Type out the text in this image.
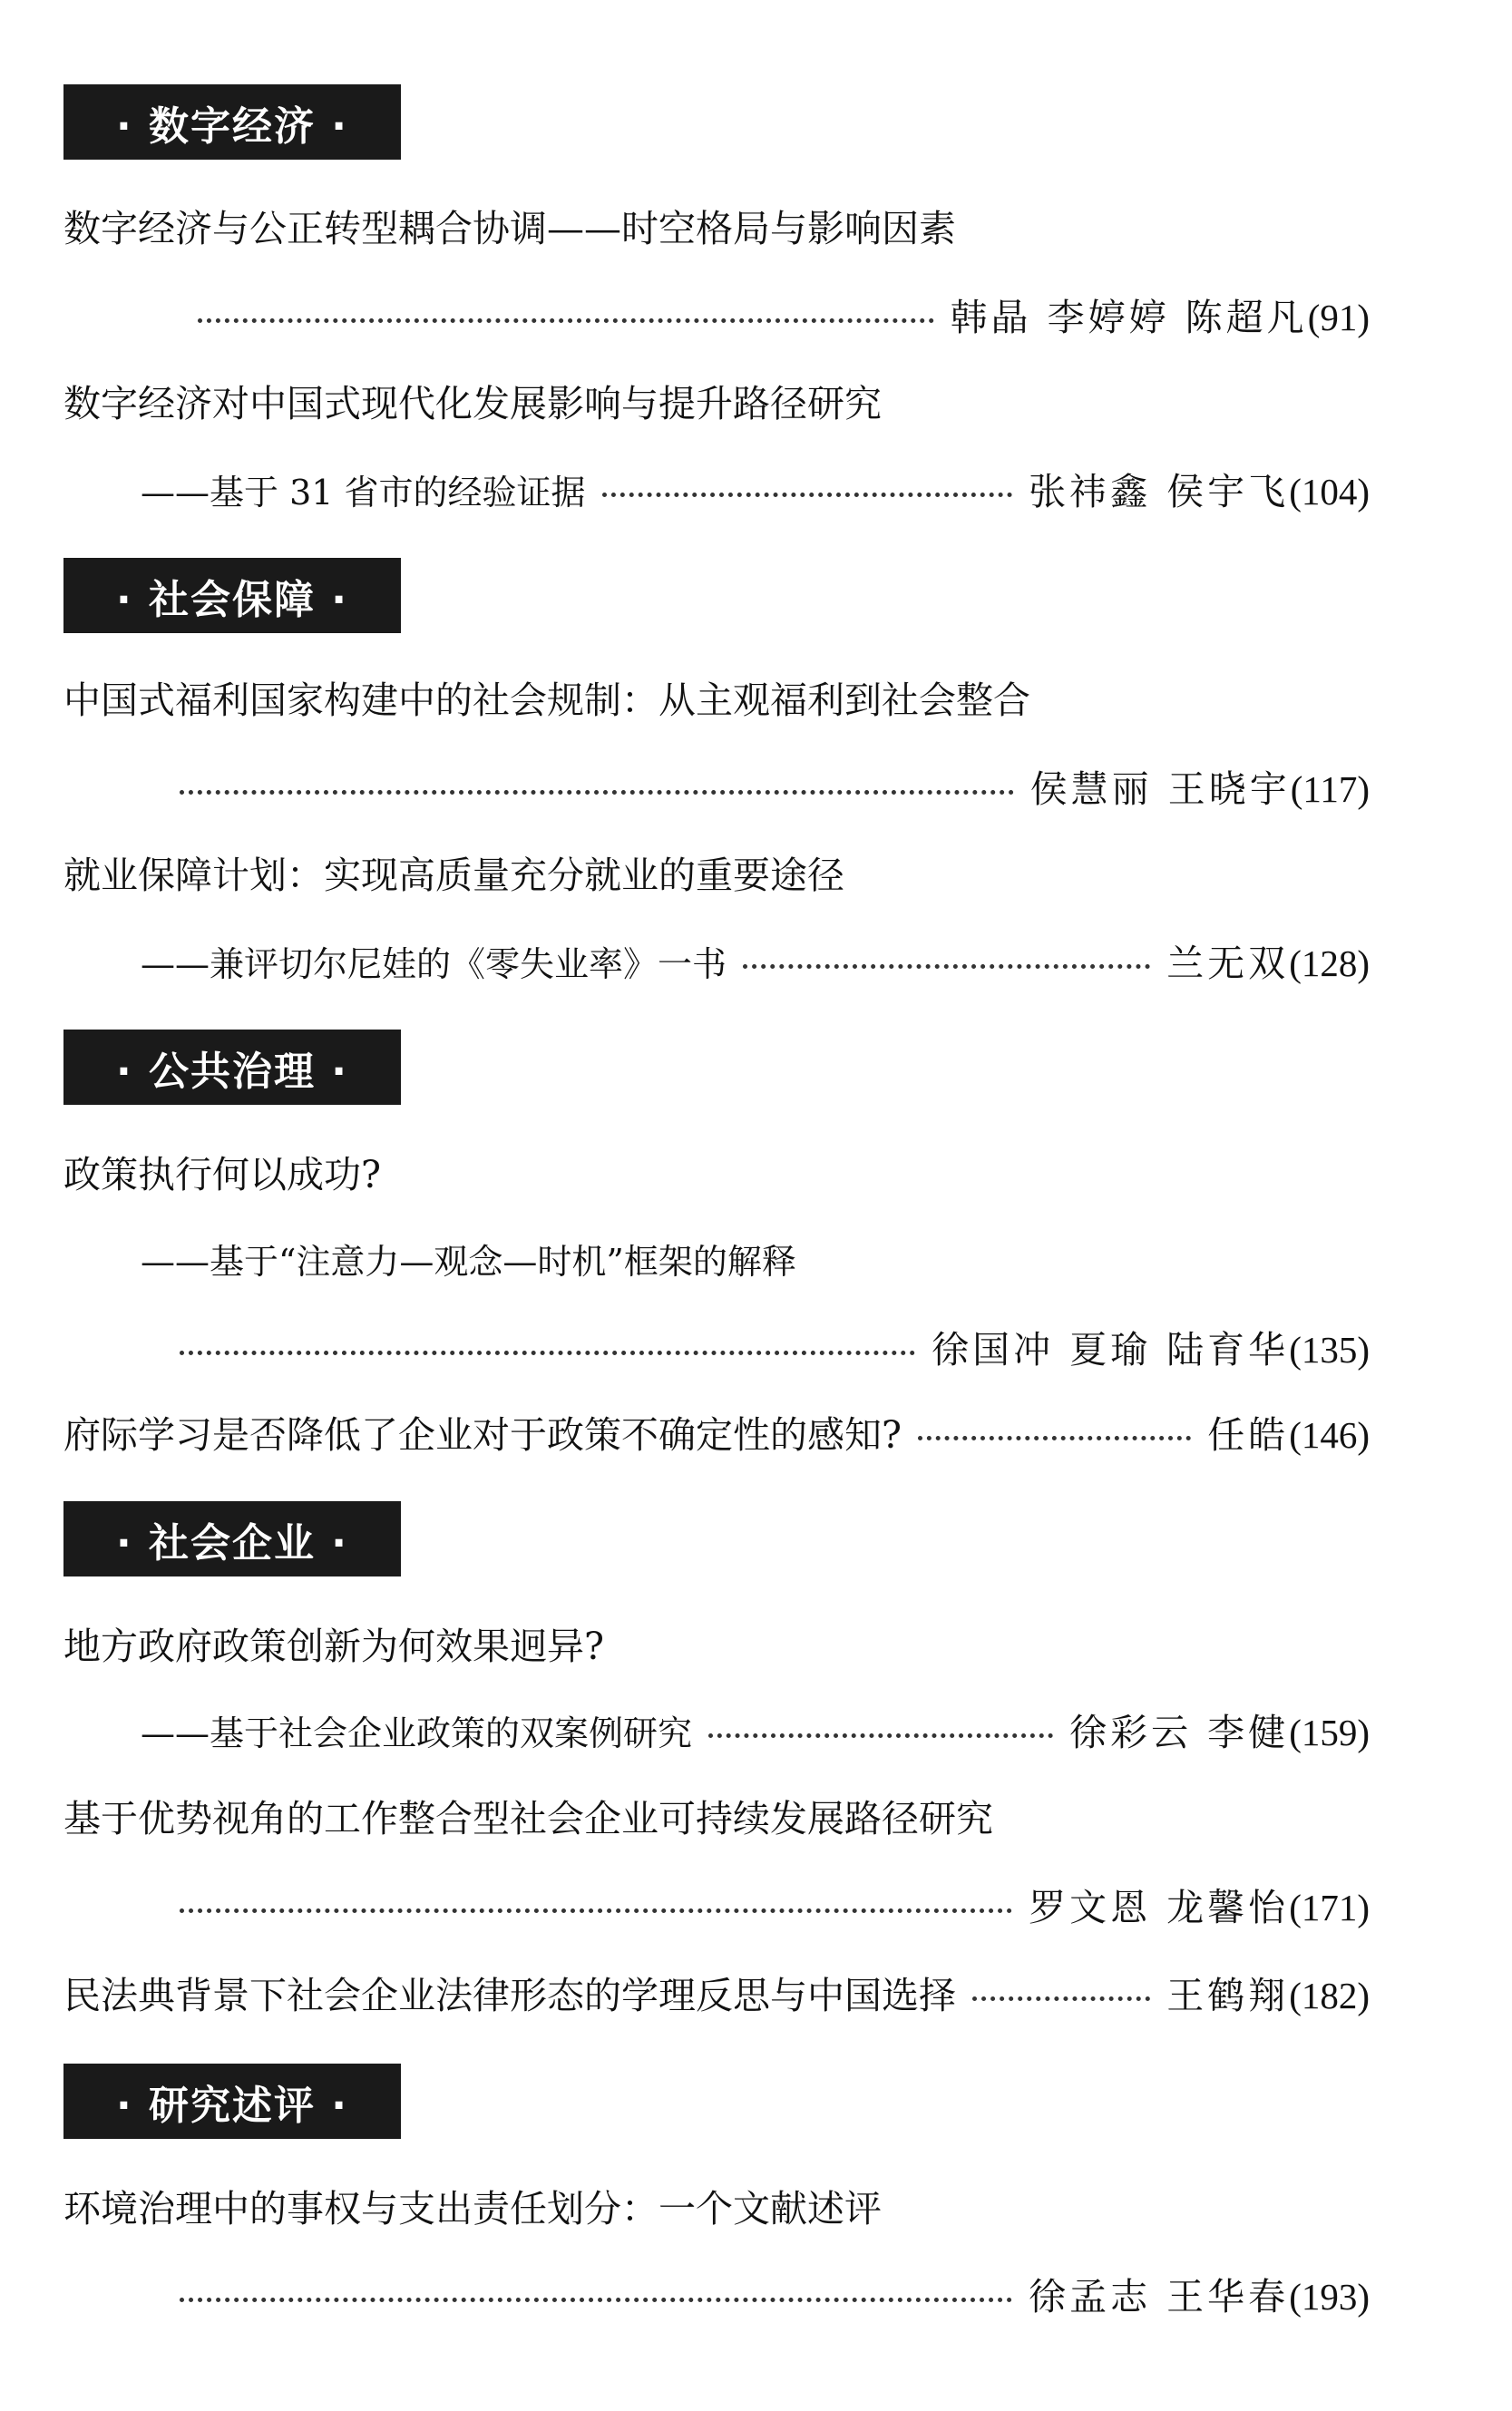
· 数字经济 ·
数字经济与公正转型耦合协调——时空格局与影响因素
韩晶 李婷婷 陈超凡 (91)
数字经济对中国式现代化发展影响与提升路径研究
——基于 31 省市的经验证据	张祎鑫 侯宇飞 (104)
· 社会保障 ·
中国式福利国家构建中的社会规制：从主观福利到社会整合
侯慧丽 王晓宇 (117)
就业保障计划：实现高质量充分就业的重要途径
——兼评切尔尼娃的《零失业率》一书	兰无双 (128)
· 公共治理 ·
政策执行何以成功?
——基于“注意力—观念—时机”框架的解释
徐国冲 夏瑜 陆育华 (135)
府际学习是否降低了企业对于政策不确定性的感知?	任皓 (146)
· 社会企业 ·
地方政府政策创新为何效果迥异?
——基于社会企业政策的双案例研究	徐彩云 李健 (159)
基于优势视角的工作整合型社会企业可持续发展路径研究
罗文恩 龙馨怡 (171)
民法典背景下社会企业法律形态的学理反思与中国选择	王鹤翔 (182)
· 研究述评 ·
环境治理中的事权与支出责任划分：一个文献述评
徐孟志 王华春 (193)
